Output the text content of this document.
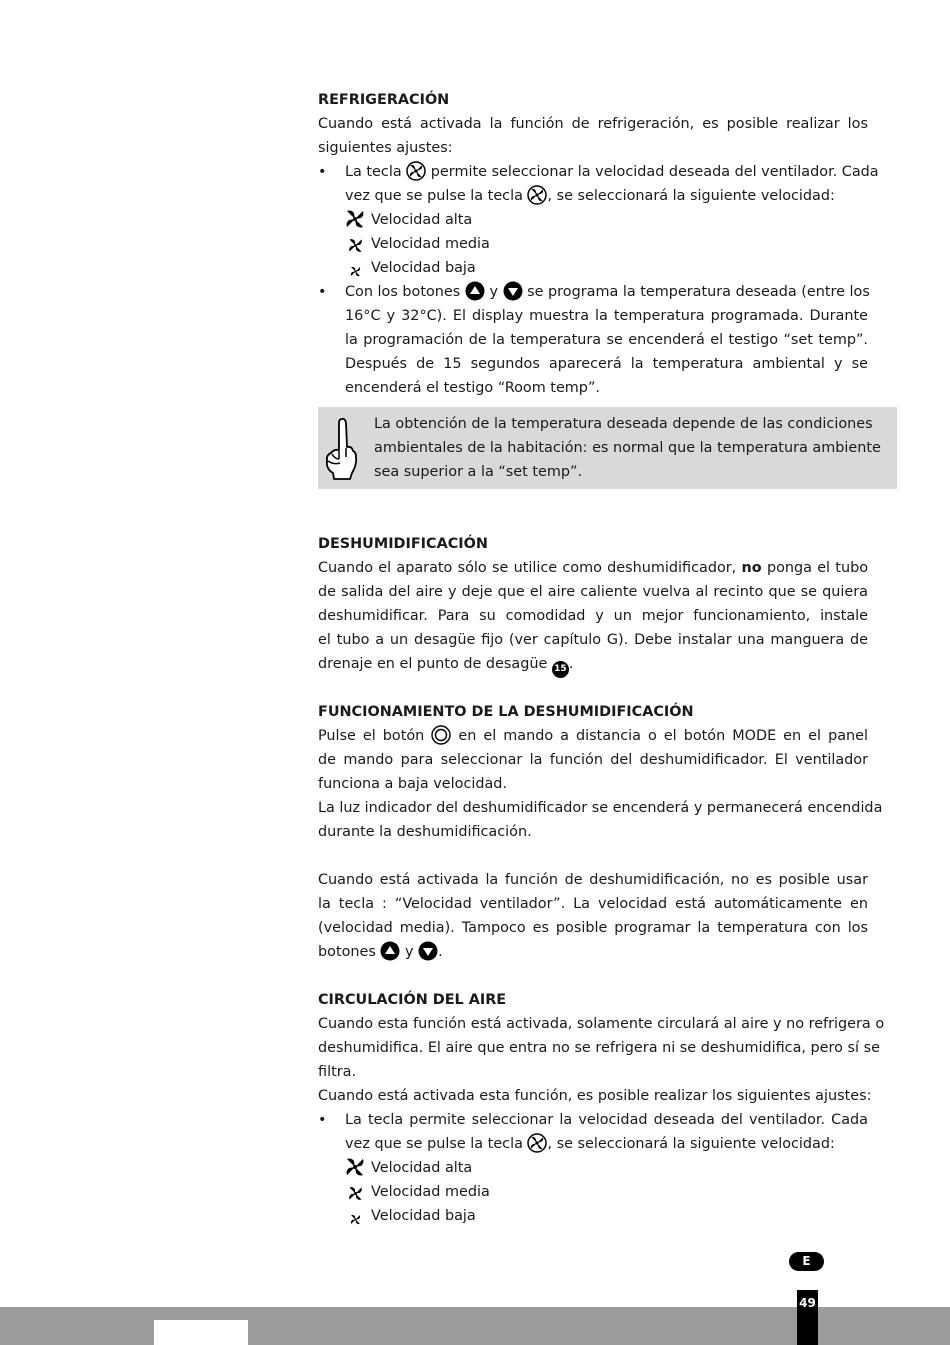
REFRIGERACIÓN
Cuando está activada la función de refrigeración, es posible realizar los
siguientes ajustes:
• La tecla permite seleccionar la velocidad deseada del ventilador. Cada
vez que se pulse la tecla , se seleccionará la siguiente velocidad:
Velocidad alta
Velocidad media
Velocidad baja
• Con los botones y se programa la temperatura deseada (entre los
16°C y 32°C). El display muestra la temperatura programada. Durante
la programación de la temperatura se encenderá el testigo “set temp”.
Después de 15 segundos aparecerá la temperatura ambiental y se
encenderá el testigo “Room temp”.
DESHUMIDIFICACIÓN
Cuando el aparato sólo se utilice como deshumidificador, no ponga el tubo
de salida del aire y deje que el aire caliente vuelva al recinto que se quiera
deshumidificar. Para su comodidad y un mejor funcionamiento, instale
el tubo a un desagüe fijo (ver capítulo G). Debe instalar una manguera de
drenaje en el punto de desagüe 15 .
FUNCIONAMIENTO DE LA DESHUMIDIFICACIÓN
Pulse el botón en el mando a distancia o el botón MODE en el panel
de mando para seleccionar la función del deshumidificador. El ventilador
funciona a baja velocidad.
La luz indicador del deshumidificador se encenderá y permanecerá encendida
durante la deshumidificación.
Cuando está activada la función de deshumidificación, no es posible usar
la tecla : “Velocidad ventilador”. La velocidad está automáticamente en
(velocidad media). Tampoco es posible programar la temperatura con los
botones y .
CIRCULACIÓN DEL AIRE
Cuando esta función está activada, solamente circulará al aire y no refrigera o
deshumidifica. El aire que entra no se refrigera ni se deshumidifica, pero sí se
filtra.
Cuando está activada esta función, es posible realizar los siguientes ajustes:
• La tecla permite seleccionar la velocidad deseada del ventilador. Cada
vez que se pulse la tecla , se seleccionará la siguiente velocidad:
Velocidad alta
Velocidad media
Velocidad baja
La obtención de la temperatura deseada depende de las condiciones
ambientales de la habitación: es normal que la temperatura ambiente
sea superior a la “set temp”.
E
49
